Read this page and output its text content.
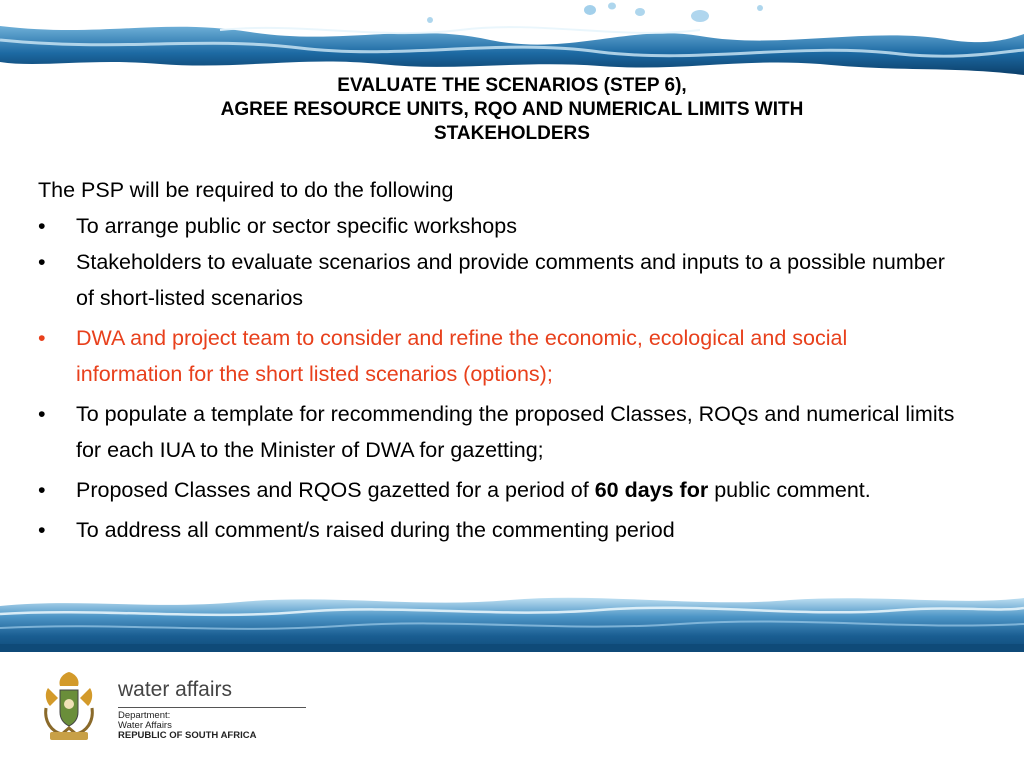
EVALUATE THE SCENARIOS (STEP 6),
AGREE RESOURCE UNITS, RQO AND NUMERICAL LIMITS WITH
STAKEHOLDERS
The PSP will be required to do the following
•	To arrange public or sector specific workshops
•	Stakeholders to evaluate scenarios and provide comments and inputs to a possible number of short-listed scenarios
•	DWA and project team to consider and refine the economic, ecological and social information for the short listed scenarios (options);
•	To populate a template for recommending the proposed Classes, ROQs and numerical limits for each IUA to the Minister of DWA for gazetting;
•	Proposed Classes and RQOS gazetted for a period of 60 days for public comment.
•	To address all comment/s raised during the commenting period
water affairs
Department:
Water Affairs
REPUBLIC OF SOUTH AFRICA
